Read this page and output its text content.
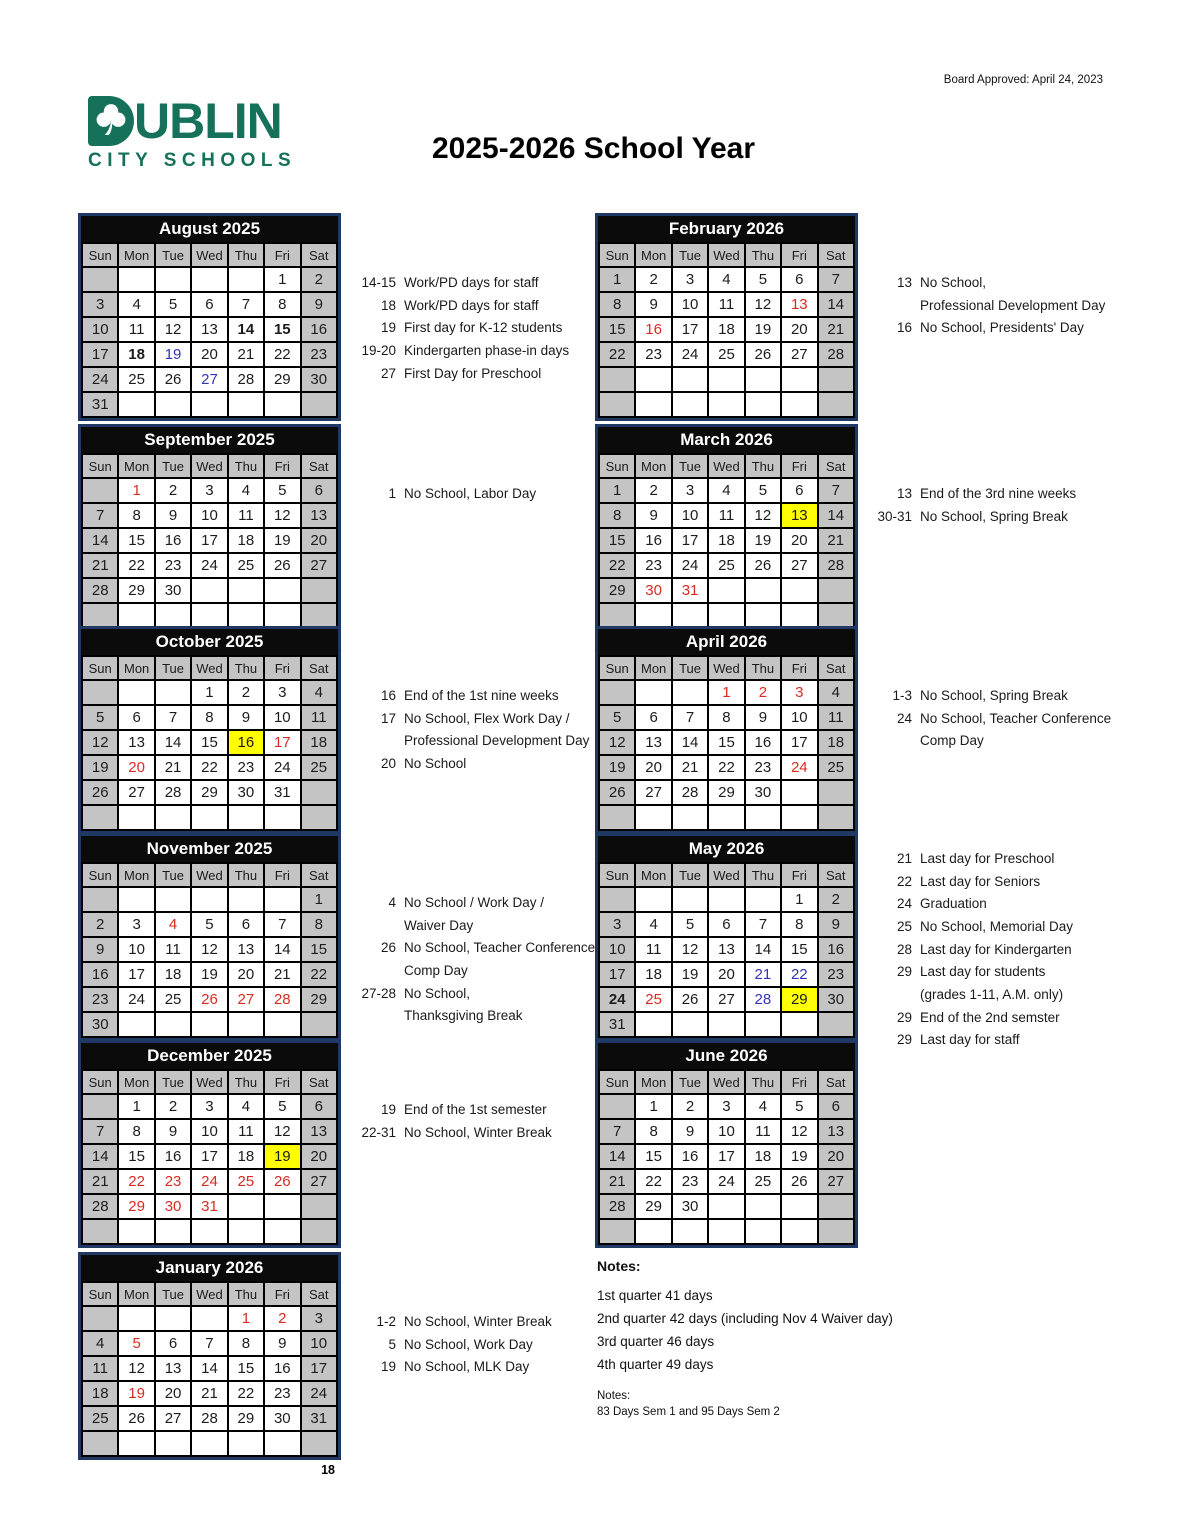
Board Approved: April 24, 2023
UBLIN
CITY SCHOOLS	2025-2026 School Year
August 2025
Sun	Mon	Tue	Wed	Thu	Fri	Sat
					1	2
3	4	5	6	7	8	9
10	11	12	13	14	15	16
17	18	19	20	21	22	23
24	25	26	27	28	29	30
31						
September 2025
Sun	Mon	Tue	Wed	Thu	Fri	Sat
	1	2	3	4	5	6
7	8	9	10	11	12	13
14	15	16	17	18	19	20
21	22	23	24	25	26	27
28	29	30				

October 2025
Sun	Mon	Tue	Wed	Thu	Fri	Sat
			1	2	3	4
5	6	7	8	9	10	11
12	13	14	15	16	17	18
19	20	21	22	23	24	25
26	27	28	29	30	31	

November 2025
Sun	Mon	Tue	Wed	Thu	Fri	Sat
						1
2	3	4	5	6	7	8
9	10	11	12	13	14	15
16	17	18	19	20	21	22
23	24	25	26	27	28	29
30						
December 2025
Sun	Mon	Tue	Wed	Thu	Fri	Sat
	1	2	3	4	5	6
7	8	9	10	11	12	13
14	15	16	17	18	19	20
21	22	23	24	25	26	27
28	29	30	31			

January 2026
Sun	Mon	Tue	Wed	Thu	Fri	Sat
				1	2	3
4	5	6	7	8	9	10
11	12	13	14	15	16	17
18	19	20	21	22	23	24
25	26	27	28	29	30	31

18
February 2026
Sun	Mon	Tue	Wed	Thu	Fri	Sat
1	2	3	4	5	6	7
8	9	10	11	12	13	14
15	16	17	18	19	20	21
22	23	24	25	26	27	28

March 2026
Sun	Mon	Tue	Wed	Thu	Fri	Sat
1	2	3	4	5	6	7
8	9	10	11	12	13	14
15	16	17	18	19	20	21
22	23	24	25	26	27	28
29	30	31				

April 2026
Sun	Mon	Tue	Wed	Thu	Fri	Sat
			1	2	3	4
5	6	7	8	9	10	11
12	13	14	15	16	17	18
19	20	21	22	23	24	25
26	27	28	29	30		

May 2026
Sun	Mon	Tue	Wed	Thu	Fri	Sat
					1	2
3	4	5	6	7	8	9
10	11	12	13	14	15	16
17	18	19	20	21	22	23
24	25	26	27	28	29	30
31						
June 2026
Sun	Mon	Tue	Wed	Thu	Fri	Sat
	1	2	3	4	5	6
7	8	9	10	11	12	13
14	15	16	17	18	19	20
21	22	23	24	25	26	27
28	29	30				

14-15 Work/PD days for staff
18 Work/PD days for staff
19 First day for K-12 students
19-20 Kindergarten phase-in days
27 First Day for Preschool
1 No School, Labor Day
16 End of the 1st nine weeks
17 No School, Flex Work Day /
Professional Development Day
20 No School
4 No School / Work Day /
Waiver Day
26 No School, Teacher Conference
Comp Day
27-28 No School,
Thanksgiving Break
19 End of the 1st semester
22-31 No School, Winter Break
1-2 No School, Winter Break
5 No School, Work Day
19 No School, MLK Day
13 No School,
Professional Development Day
16 No School, Presidents' Day
13 End of the 3rd nine weeks
30-31 No School, Spring Break
1-3 No School, Spring Break
24 No School, Teacher Conference
Comp Day
21 Last day for Preschool
22 Last day for Seniors
24 Graduation
25 No School, Memorial Day
28 Last day for Kindergarten
29 Last day for students
(grades 1-11, A.M. only)
29 End of the 2nd semster
29 Last day for staff
Notes:
1st quarter 41 days
2nd quarter 42 days (including Nov 4 Waiver day)
3rd quarter 46 days
4th quarter 49 days
Notes:
83 Days Sem 1 and 95 Days Sem 2
